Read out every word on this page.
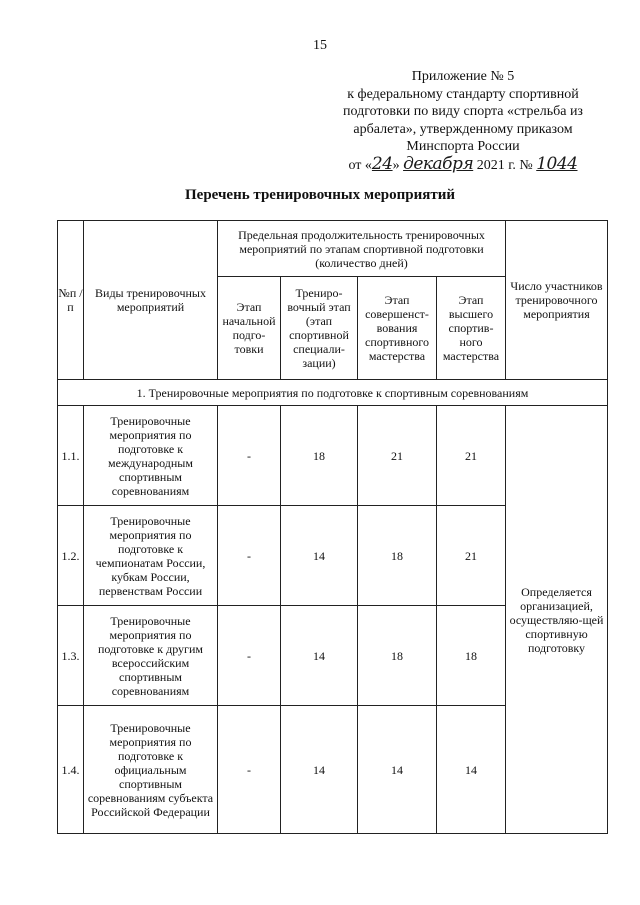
15
Приложение № 5
к федеральному стандарту спортивной
подготовки по виду спорта «стрельба из
арбалета», утвержденному приказом
Минспорта России
от «24» декабря 2021 г. № 1044
Перечень тренировочных мероприятий
№п /п	Виды тренировочных мероприятий	Предельная продолжительность тренировочных мероприятий по этапам спортивной подготовки (количество дней)				Число участников тренировочного мероприятия
		Этап начальной подго-товки	Трениро-вочный этап (этап спортивной специали-зации)	Этап совершенст-вования спортивного мастерства	Этап высшего спортив-ного мастерства	
1. Тренировочные мероприятия по подготовке к спортивным соревнованиям						
1.1.	Тренировочные мероприятия по подготовке к международным спортивным соревнованиям	-	18	21	21	Определяется организацией, осуществляю-щей спортивную подготовку
1.2.	Тренировочные мероприятия по подготовке к чемпионатам России, кубкам России, первенствам России	-	14	18	21	
1.3.	Тренировочные мероприятия по подготовке к другим всероссийским спортивным соревнованиям	-	14	18	18	
1.4.	Тренировочные мероприятия по подготовке к официальным спортивным соревнованиям субъекта Российской Федерации	-	14	14	14	
